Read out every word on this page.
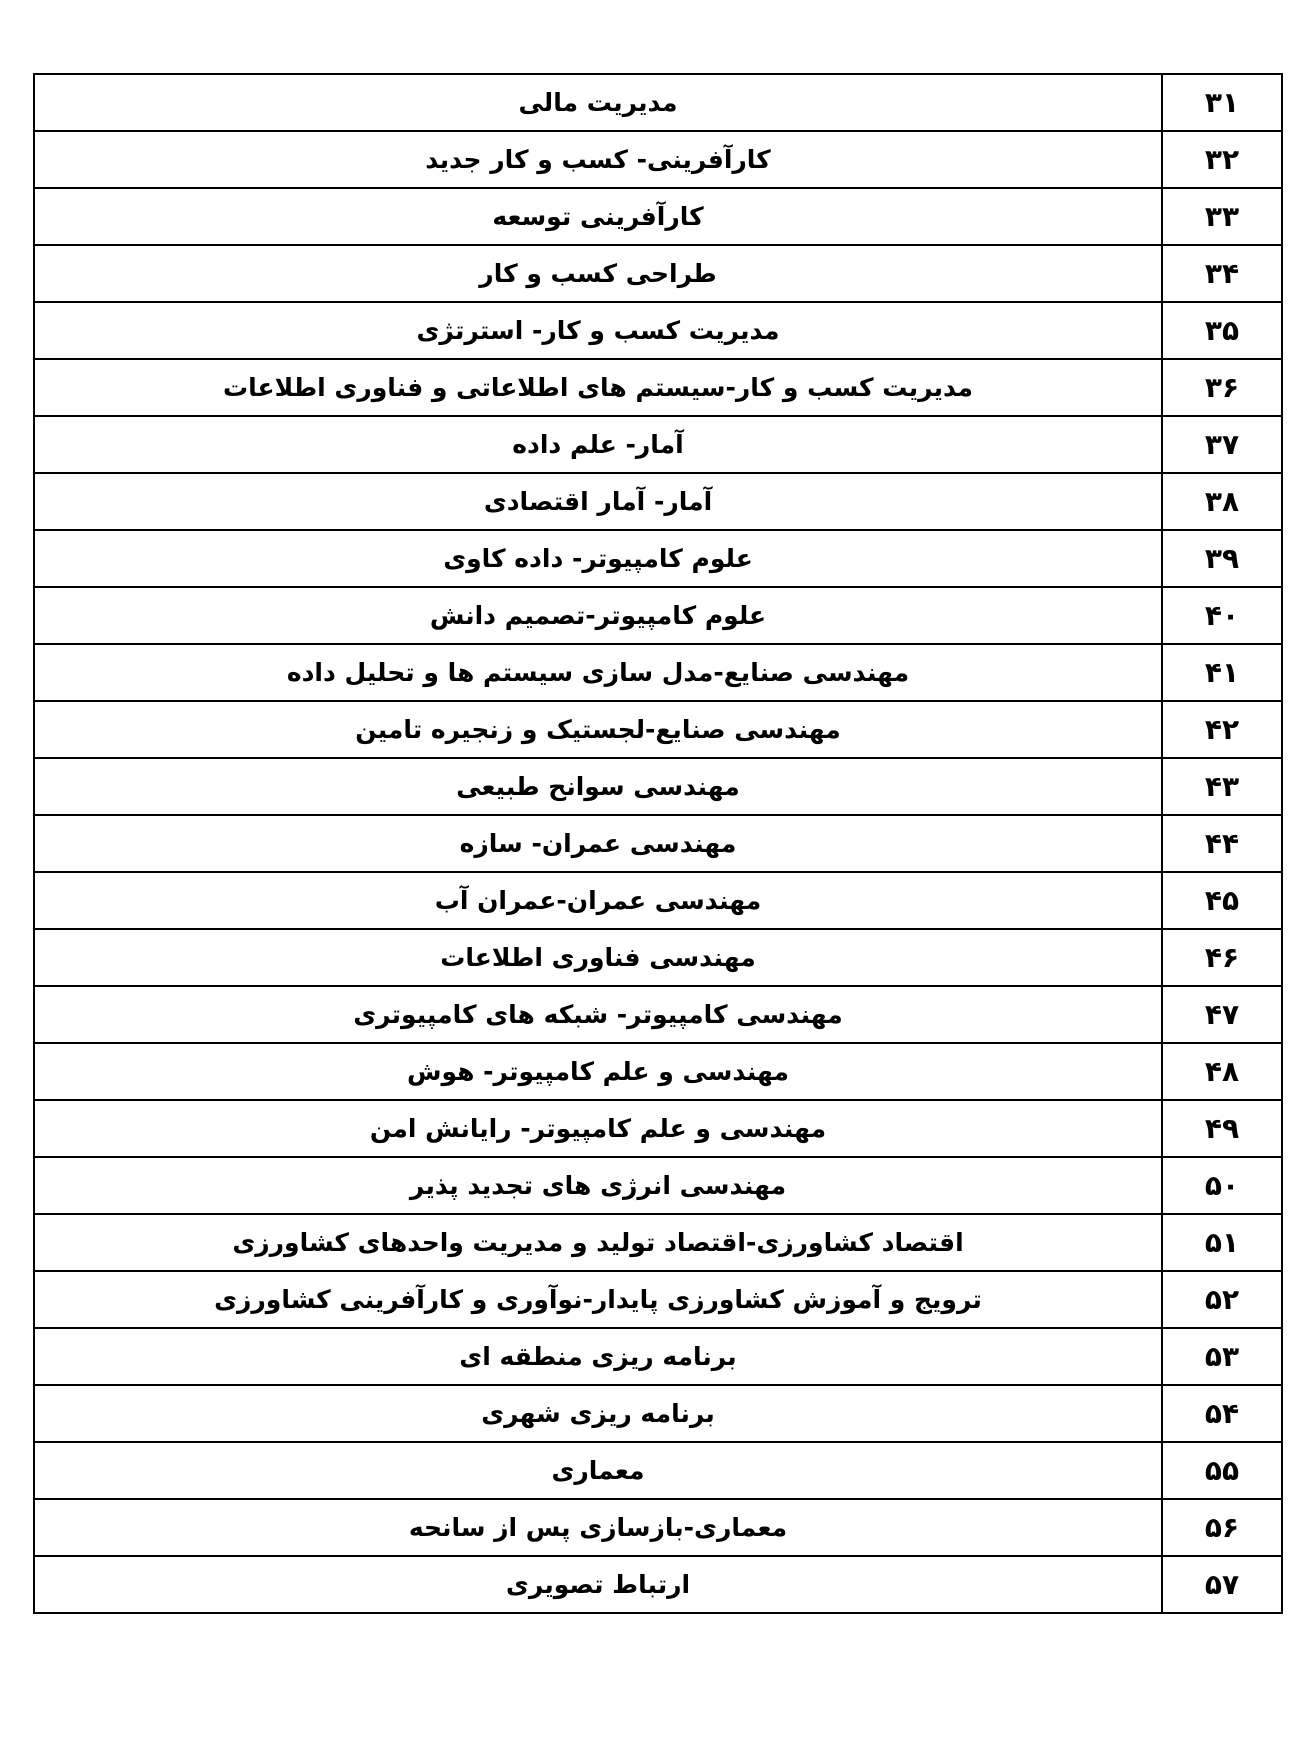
۳۱	مدیریت مالی
۳۲	کارآفرینی- کسب و کار جدید
۳۳	کارآفرینی توسعه
۳۴	طراحی کسب و کار
۳۵	مدیریت کسب و کار- استرتژی
۳۶	مدیریت کسب و کار-سیستم های اطلاعاتی و فناوری اطلاعات
۳۷	آمار- علم داده
۳۸	آمار- آمار اقتصادی
۳۹	علوم کامپیوتر- داده کاوی
۴۰	علوم کامپیوتر-تصمیم دانش
۴۱	مهندسی صنایع-مدل سازی سیستم ها و تحلیل داده
۴۲	مهندسی صنایع-لجستیک و زنجیره تامین
۴۳	مهندسی سوانح طبیعی
۴۴	مهندسی عمران- سازه
۴۵	مهندسی عمران-عمران آب
۴۶	مهندسی فناوری اطلاعات
۴۷	مهندسی کامپیوتر- شبکه های کامپیوتری
۴۸	مهندسی و علم کامپیوتر- هوش
۴۹	مهندسی و علم کامپیوتر- رایانش امن
۵۰	مهندسی انرژی های تجدید پذیر
۵۱	اقتصاد کشاورزی-اقتصاد تولید و مدیریت واحدهای کشاورزی
۵۲	ترویج و آموزش کشاورزی پایدار-نوآوری و کارآفرینی کشاورزی
۵۳	برنامه ریزی منطقه ای
۵۴	برنامه ریزی شهری
۵۵	معماری
۵۶	معماری-بازسازی پس از سانحه
۵۷	ارتباط تصویری
